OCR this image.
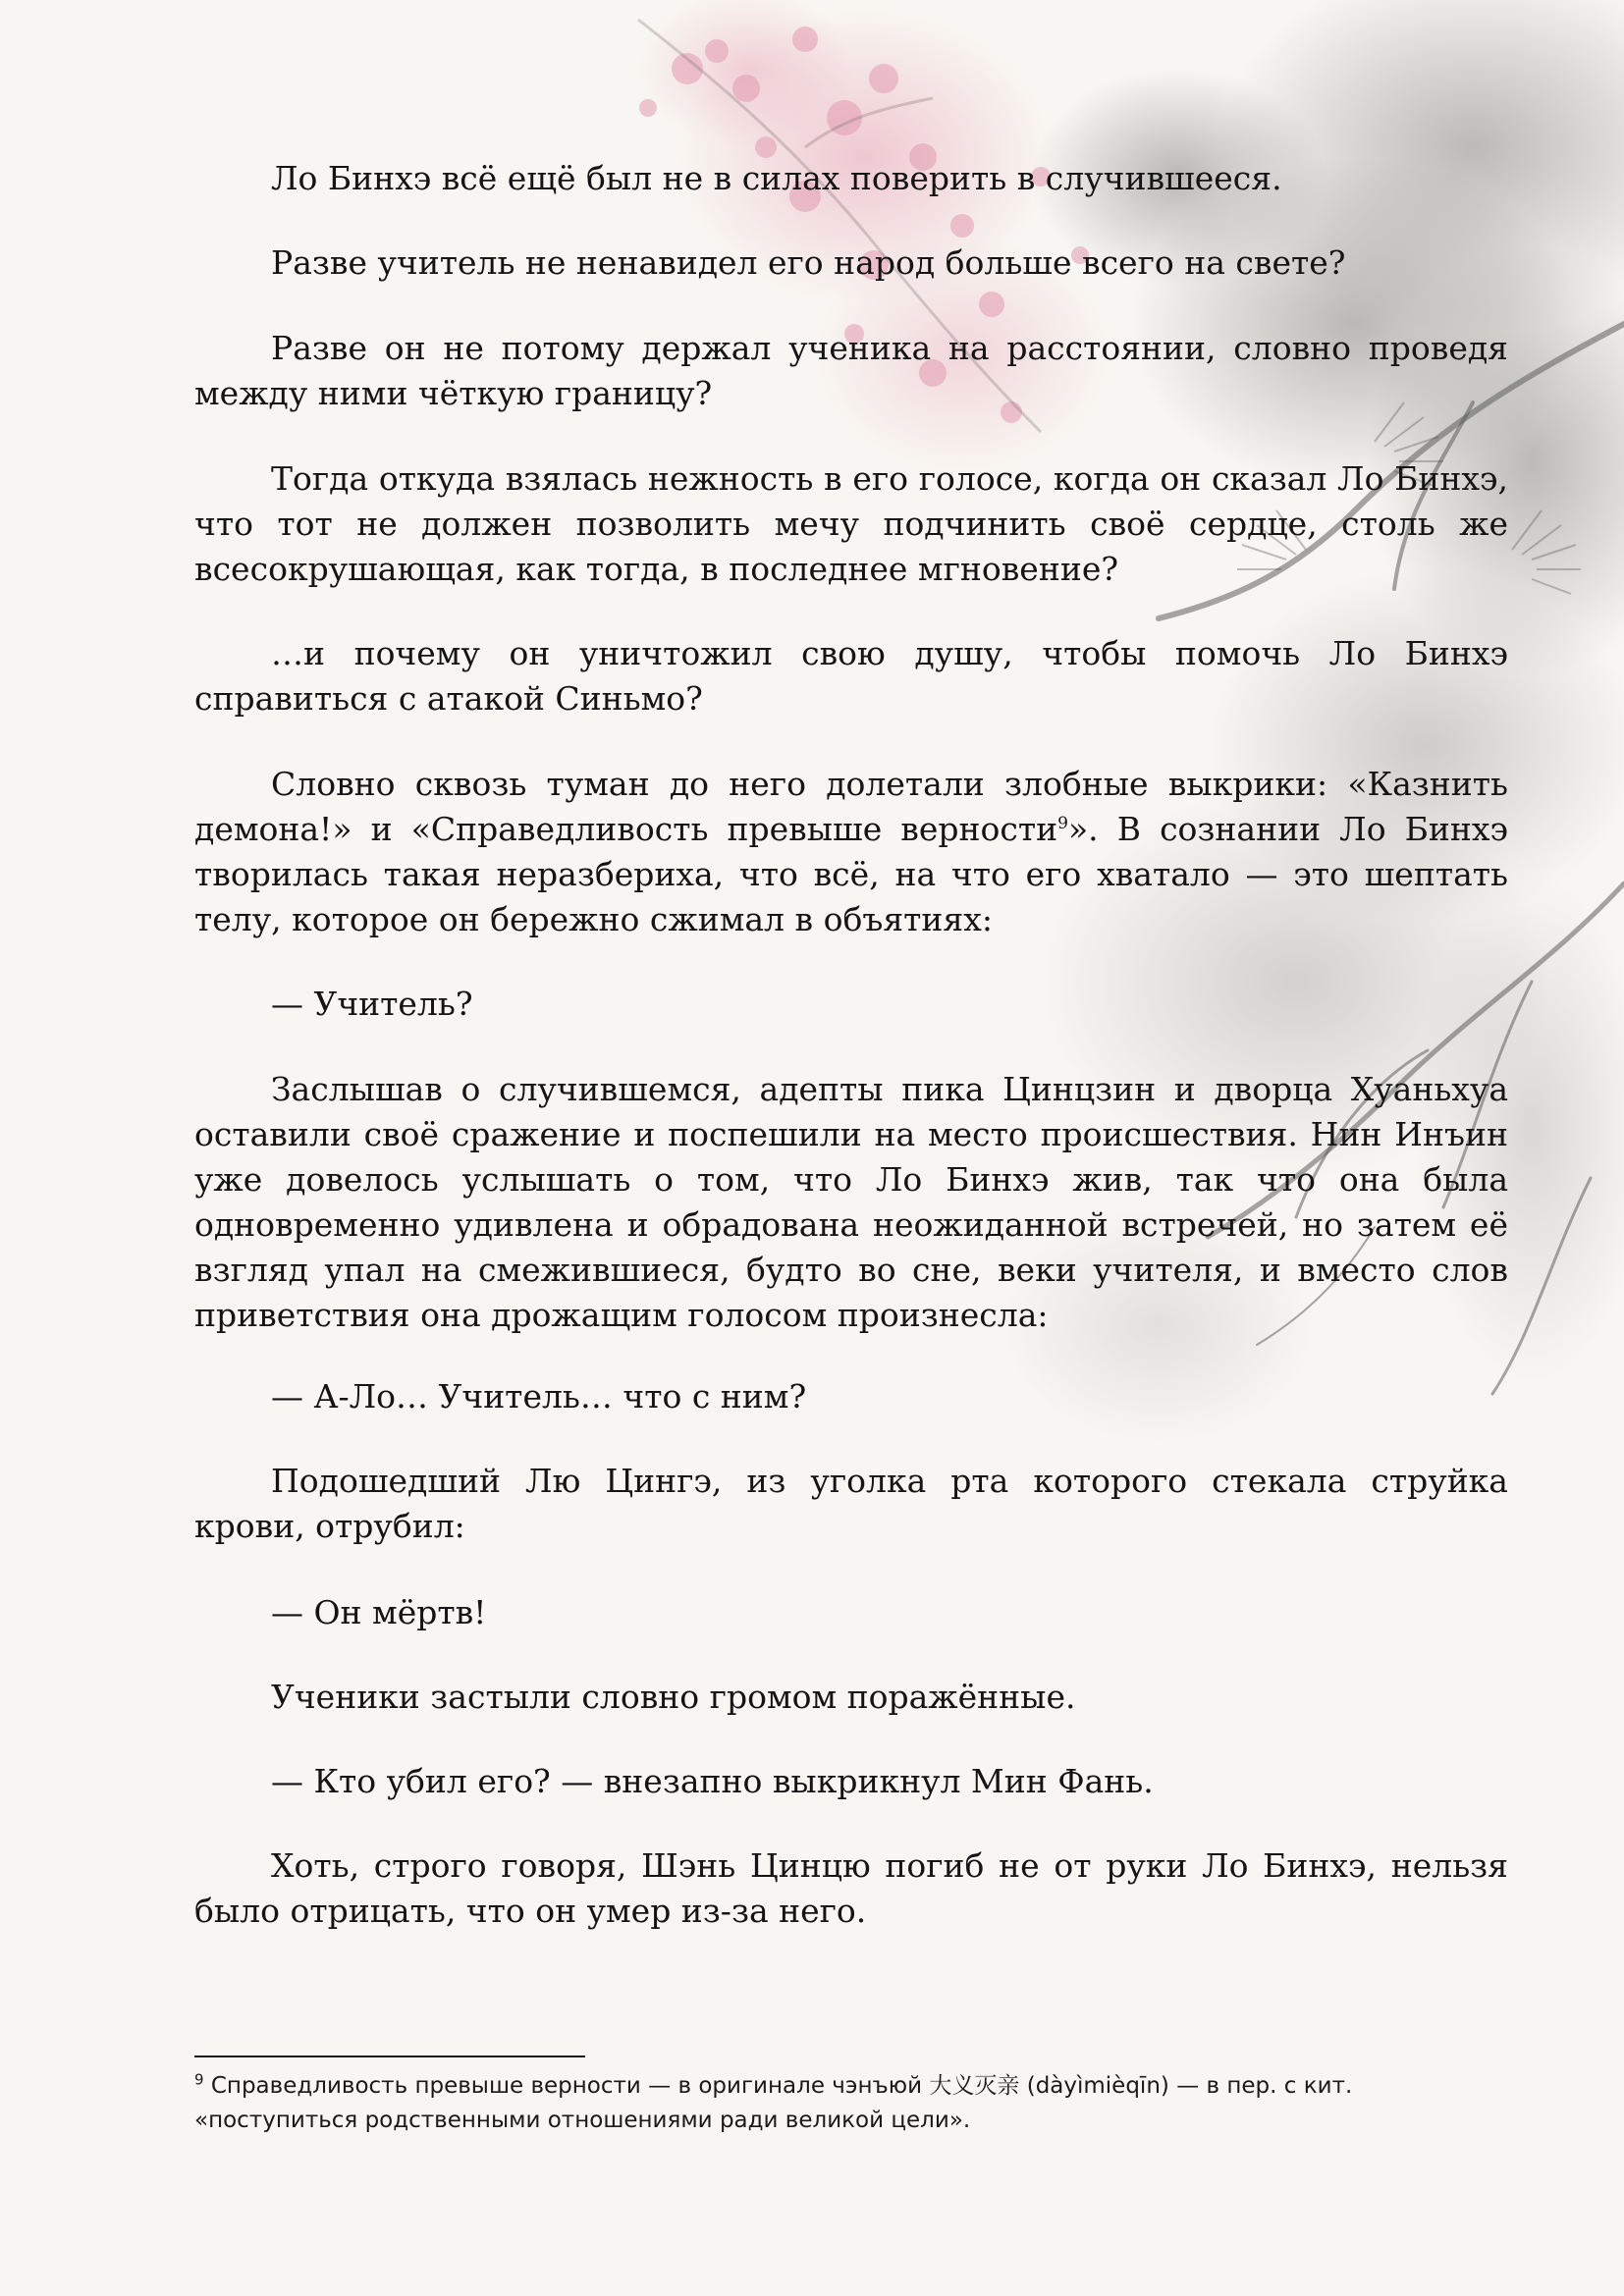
Ло Бинхэ всё ещё был не в силах поверить в случившееся.

Разве учитель не ненавидел его народ больше всего на свете?

Разве он не потому держал ученика на расстоянии, словно проведя между ними чёткую границу?

Тогда откуда взялась нежность в его голосе, когда он сказал Ло Бинхэ, что тот не должен позволить мечу подчинить своё сердце, столь же всесокрушающая, как тогда, в последнее мгновение?

…и почему он уничтожил свою душу, чтобы помочь Ло Бинхэ справиться с атакой Синьмо?

Словно сквозь туман до него долетали злобные выкрики: «Казнить демона!» и «Справедливость превыше верности$^9$». В сознании Ло Бинхэ творилась такая неразбериха, что всё, на что его хватало — это шептать телу, которое он бережно сжимал в объятиях:

— Учитель?

Заслышав о случившемся, адепты пика Цинцзин и дворца Хуаньхуа оставили своё сражение и поспешили на место происшествия. Нин Инъин уже довелось услышать о том, что Ло Бинхэ жив, так что она была одновременно удивлена и обрадована неожиданной встречей, но затем её взгляд упал на смежившиеся, будто во сне, веки учителя, и вместо слов приветствия она дрожащим голосом произнесла:

— А-Ло… Учитель… что с ним?

Подошедший Лю Цингэ, из уголка рта которого стекала струйка крови, отрубил:

— Он мёртв!

Ученики застыли словно громом поражённые.

— Кто убил его? — внезапно выкрикнул Мин Фань.

Хоть, строго говоря, Шэнь Цинцю погиб не от руки Ло Бинхэ, нельзя было отрицать, что он умер из-за него.

$^9$ Справедливость превыше верности — в оригинале чэнъюй 大义灭亲 (dàyìmièqīn) — в пер. с кит. «поступиться родственными отношениями ради великой цели».
